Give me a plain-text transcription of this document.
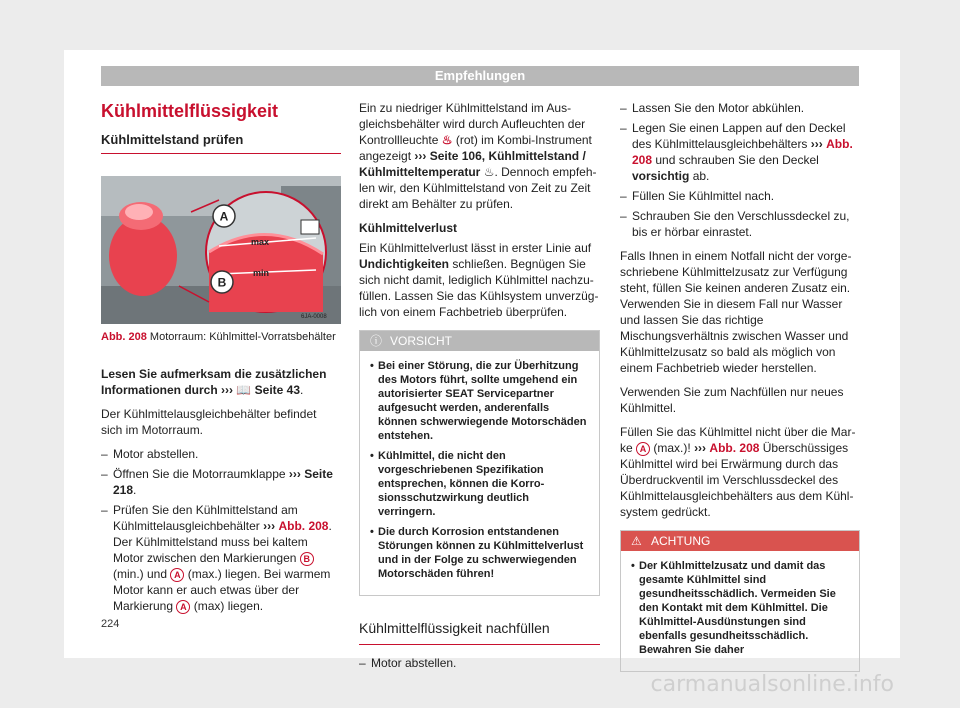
Empfehlungen
Kühlmittelflüssigkeit
Kühlmittelstand prüfen
A
B
max
min
6JA-0008
Abb. 208 Motorraum: Kühlmittel-Vorratsbehälter

Lesen Sie aufmerksam die zusätzlichen Informationen durch ››› 📖 Seite 43.

Der Kühlmittelausgleichbehälter befindet sich im Motorraum.

– Motor abstellen.
– Öffnen Sie die Motorraumklappe ››› Seite 218.
– Prüfen Sie den Kühlmittelstand am Kühlmittelausgleichbehälter ››› Abb. 208. Der Kühlmittelstand muss bei kaltem Motor zwischen den Markierungen B (min.) und A (max.) liegen. Bei warmem Motor kann er auch etwas über der Markierung A (max) liegen.

Ein zu niedriger Kühlmittelstand im Ausgleichsbehälter wird durch Aufleuchten der Kontrollleuchte ♨ (rot) im Kombi-Instrument angezeigt ››› Seite 106, Kühlmittelstand / Kühlmitteltemperatur ♨. Dennoch empfehlen wir, den Kühlmittelstand von Zeit zu Zeit direkt am Behälter zu prüfen.

Kühlmittelverlust

Ein Kühlmittelverlust lässt in erster Linie auf Undichtigkeiten schließen. Begnügen Sie sich nicht damit, lediglich Kühlmittel nachzufüllen. Lassen Sie das Kühlsystem unverzüglich von einem Fachbetrieb überprüfen.

ⓘ VORSICHT
• Bei einer Störung, die zur Überhitzung des Motors führt, sollte umgehend ein autorisierter SEAT Servicepartner aufgesucht werden, anderenfalls können schwerwiegende Motorschäden entstehen.
• Kühlmittel, die nicht den vorgeschriebenen Spezifikation entsprechen, können die Korrosionsschutzwirkung deutlich verringern.
• Die durch Korrosion entstandenen Störungen können zu Kühlmittelverlust und in der Folge zu schwerwiegenden Motorschäden führen!
Kühlmittelflüssigkeit nachfüllen
– Motor abstellen.
– Lassen Sie den Motor abkühlen.
– Legen Sie einen Lappen auf den Deckel des Kühlmittelausgleichbehälters ››› Abb. 208 und schrauben Sie den Deckel vorsichtig ab.
– Füllen Sie Kühlmittel nach.
– Schrauben Sie den Verschlussdeckel zu, bis er hörbar einrastet.

Falls Ihnen in einem Notfall nicht der vorgeschriebene Kühlmittelzusatz zur Verfügung steht, füllen Sie keinen anderen Zusatz ein. Verwenden Sie in diesem Fall nur Wasser und lassen Sie das richtige Mischungsverhältnis zwischen Wasser und Kühlmittelzusatz so bald als möglich von einem Fachbetrieb wieder herstellen.

Verwenden Sie zum Nachfüllen nur neues Kühlmittel.

Füllen Sie das Kühlmittel nicht über die Marke A (max.)! ››› Abb. 208 Überschüssiges Kühlmittel wird bei Erwärmung durch das Überdruckventil im Verschlussdeckel des Kühlmittelausgleichbehälters aus dem Kühlsystem gedrückt.

⚠ ACHTUNG
• Der Kühlmittelzusatz und damit das gesamte Kühlmittel sind gesundheitsschädlich. Vermeiden Sie den Kontakt mit dem Kühlmittel. Die Kühlmittel-Ausdünstungen sind ebenfalls gesundheitsschädlich. Bewahren Sie daher
224
carmanualsonline.info
